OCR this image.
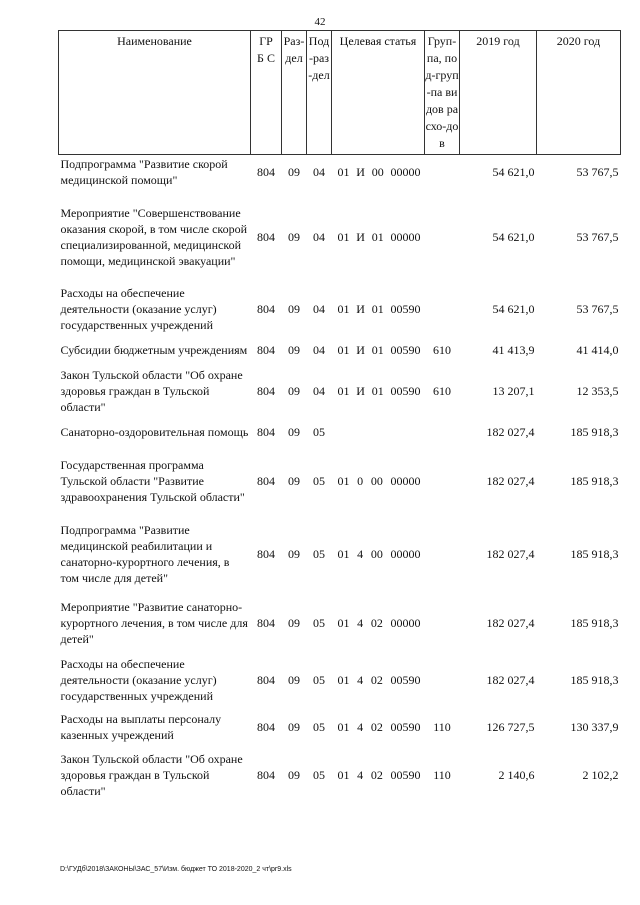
42
Наименование	ГРБ С	Раз-дел	Под-раз-дел	Целевая статья	Груп-па, под-груп-па видов расхо-дов	2019 год	2020 год
Подпрограмма "Развитие скорой медицинской помощи"	804	09	04	01 И 00 00000		54 621,0	53 767,5
Мероприятие "Совершенствование оказания скорой, в том числе скорой специализированной, медицинской помощи, медицинской эвакуации"	804	09	04	01 И 01 00000		54 621,0	53 767,5
Расходы на обеспечение деятельности (оказание услуг) государственных учреждений	804	09	04	01 И 01 00590		54 621,0	53 767,5
Субсидии бюджетным учреждениям	804	09	04	01 И 01 00590	610	41 413,9	41 414,0
Закон Тульской области "Об охране здоровья граждан в Тульской области"	804	09	04	01 И 01 00590	610	13 207,1	12 353,5
Санаторно-оздоровительная помощь	804	09	05			182 027,4	185 918,3
Государственная программа Тульской области "Развитие здравоохранения Тульской области"	804	09	05	01 0 00 00000		182 027,4	185 918,3
Подпрограмма "Развитие медицинской реабилитации и санаторно-курортного лечения, в том числе для детей"	804	09	05	01 4 00 00000		182 027,4	185 918,3
Мероприятие "Развитие санаторно-курортного лечения, в том числе для детей"	804	09	05	01 4 02 00000		182 027,4	185 918,3
Расходы на обеспечение деятельности (оказание услуг) государственных учреждений	804	09	05	01 4 02 00590		182 027,4	185 918,3
Расходы на выплаты персоналу казенных учреждений	804	09	05	01 4 02 00590	110	126 727,5	130 337,9
Закон Тульской области "Об охране здоровья граждан в Тульской области"	804	09	05	01 4 02 00590	110	2 140,6	2 102,2
D:\ГУДб\2018\ЗАКОНЫ\ЗАС_57\Изм. бюджет ТО 2018-2020_2 чт\pr9.xls
